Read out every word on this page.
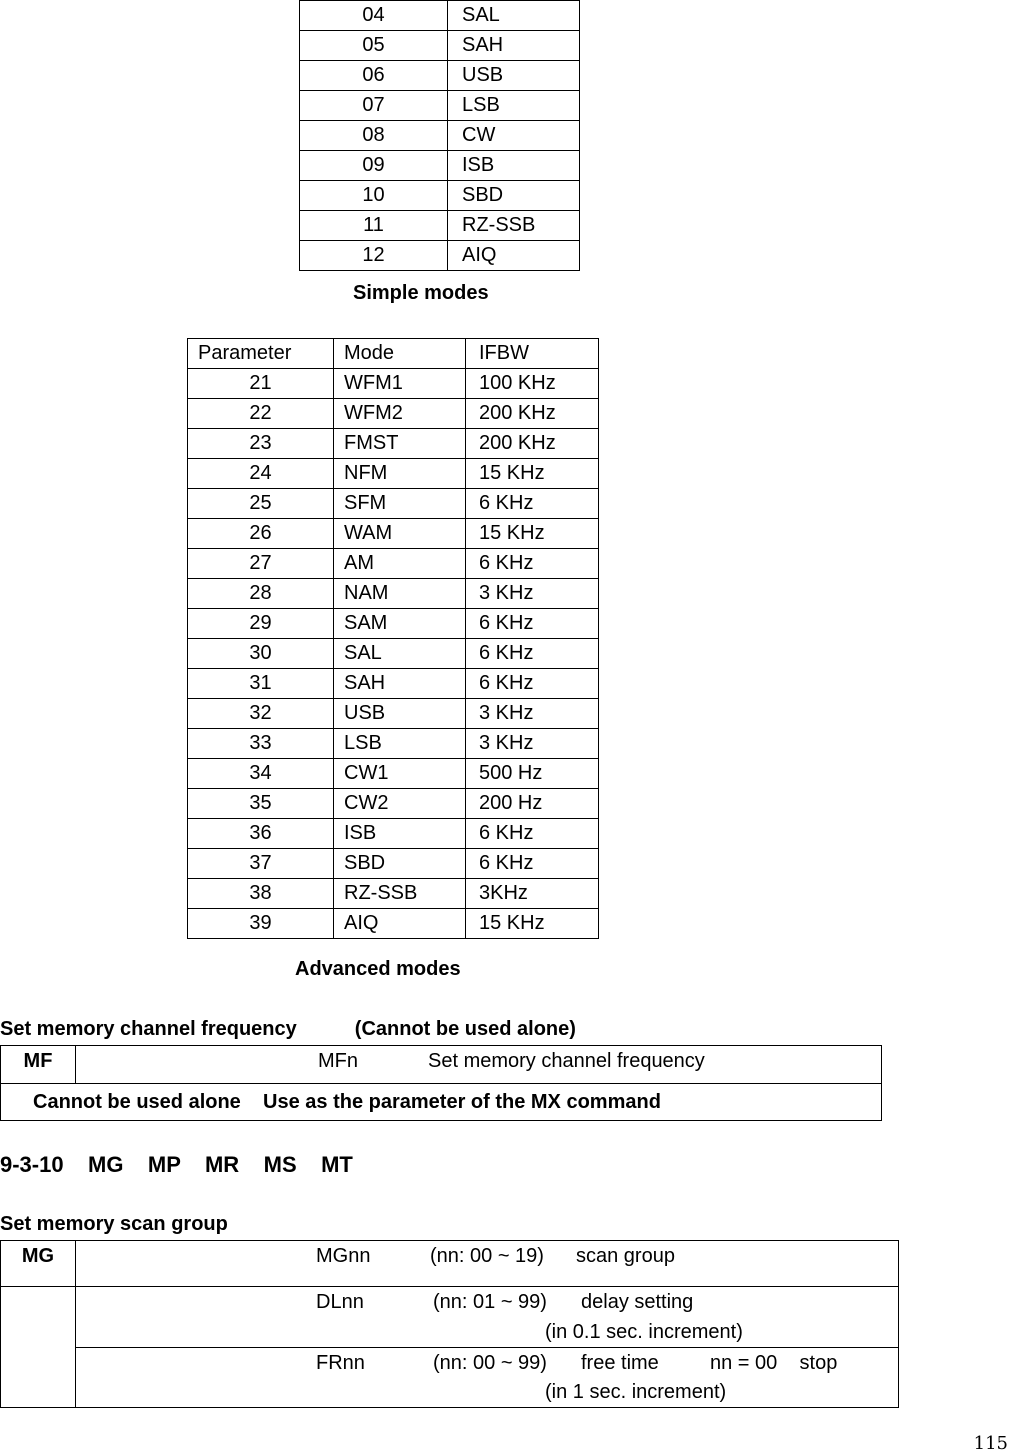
04	SAL
05	SAH
06	USB
07	LSB
08	CW
09	ISB
10	SBD
11	RZ-SSB
12	AIQ
Simple modes
Parameter	Mode	IFBW
21	WFM1	100 KHz
22	WFM2	200 KHz
23	FMST	200 KHz
24	NFM	15 KHz
25	SFM	6 KHz
26	WAM	15 KHz
27	AM	6 KHz
28	NAM	3 KHz
29	SAM	6 KHz
30	SAL	6 KHz
31	SAH	6 KHz
32	USB	3 KHz
33	LSB	3 KHz
34	CW1	500 Hz
35	CW2	200 Hz
36	ISB	6 KHz
37	SBD	6 KHz
38	RZ-SSB	3KHz
39	AIQ	15 KHz
Advanced modes
Set memory channel frequency	(Cannot be used alone)
MF	MFn	Set memory channel frequency

Cannot be used alone    Use as the parameter of the MX command
9-3-10    MG    MP    MR    MS    MT
Set memory scan group
MG	MGnn (nn: 00 ~ 19) scan group

	DLnn (nn: 01 ~ 99) delay setting
(in 0.1 sec. increment)

	FRnn (nn: 00 ~ 99) free time nn = 00    stop
(in 1 sec. increment)
115
